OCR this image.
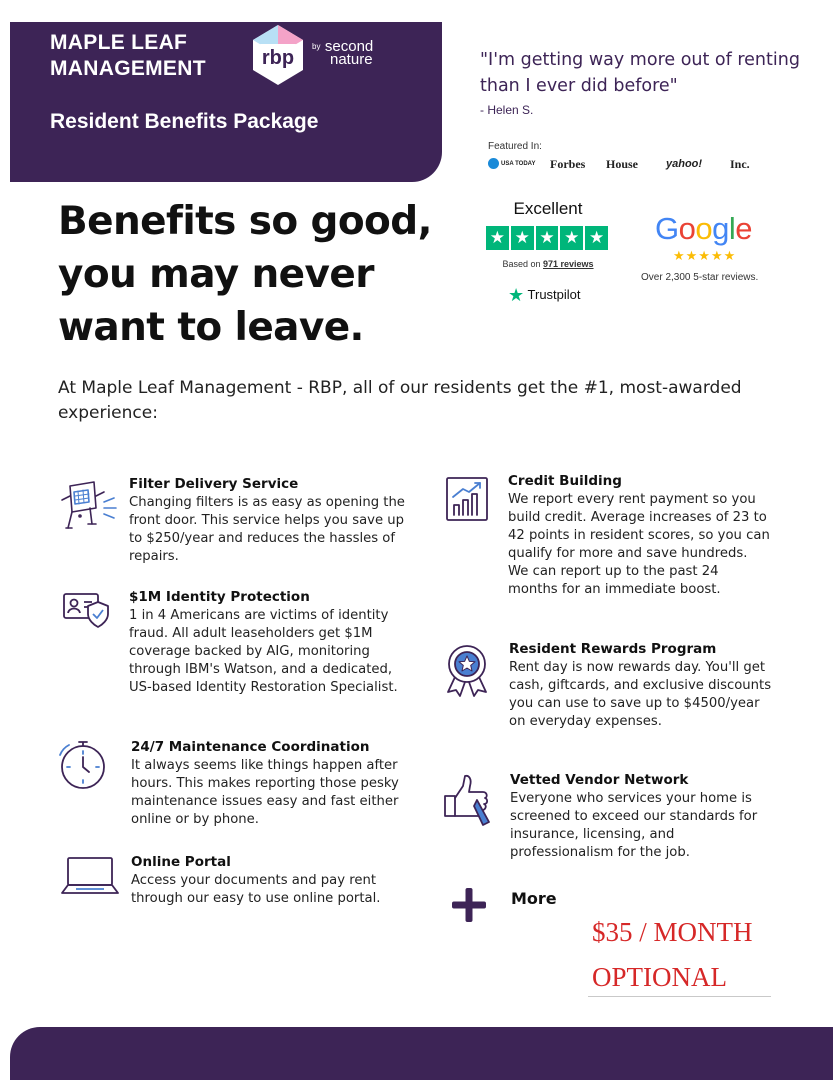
MAPLE LEAF
MANAGEMENT	rbp
$^{by}$ second
nature
Resident Benefits Package
"I'm getting way more out of renting than I ever did before"
- Helen S.
Featured In:
USA TODAY Forbes House	yahoo! Inc.
Excellent
★ ★ ★ ★ ★
Based on 971 reviews
★ Trustpilot
Google
★★★★★
Over 2,300 5-star reviews.
Benefits so good,
you may never
want to leave.
At Maple Leaf Management - RBP, all of our residents get the #1, most-awarded experience:
Filter Delivery Service
Changing filters is as easy as opening the front door. This service helps you save up to $250/year and reduces the hassles of repairs.
$1M Identity Protection
1 in 4 Americans are victims of identity fraud. All adult leaseholders get $1M coverage backed by AIG, monitoring through IBM's Watson, and a dedicated, US-based Identity Restoration Specialist.
24/7 Maintenance Coordination
It always seems like things happen after hours. This makes reporting those pesky maintenance issues easy and fast either online or by phone.
Online Portal
Access your documents and pay rent through our easy to use online portal.
Credit Building
We report every rent payment so you build credit. Average increases of 23 to 42 points in resident scores, so you can qualify for more and save hundreds. We can report up to the past 24 months for an immediate boost.
Resident Rewards Program
Rent day is now rewards day. You'll get cash, giftcards, and exclusive discounts you can use to save up to $4500/year on everyday expenses.
Vetted Vendor Network
Everyone who services your home is screened to exceed our standards for insurance, licensing, and professionalism for the job.
More
$35 / MONTH
OPTIONAL
